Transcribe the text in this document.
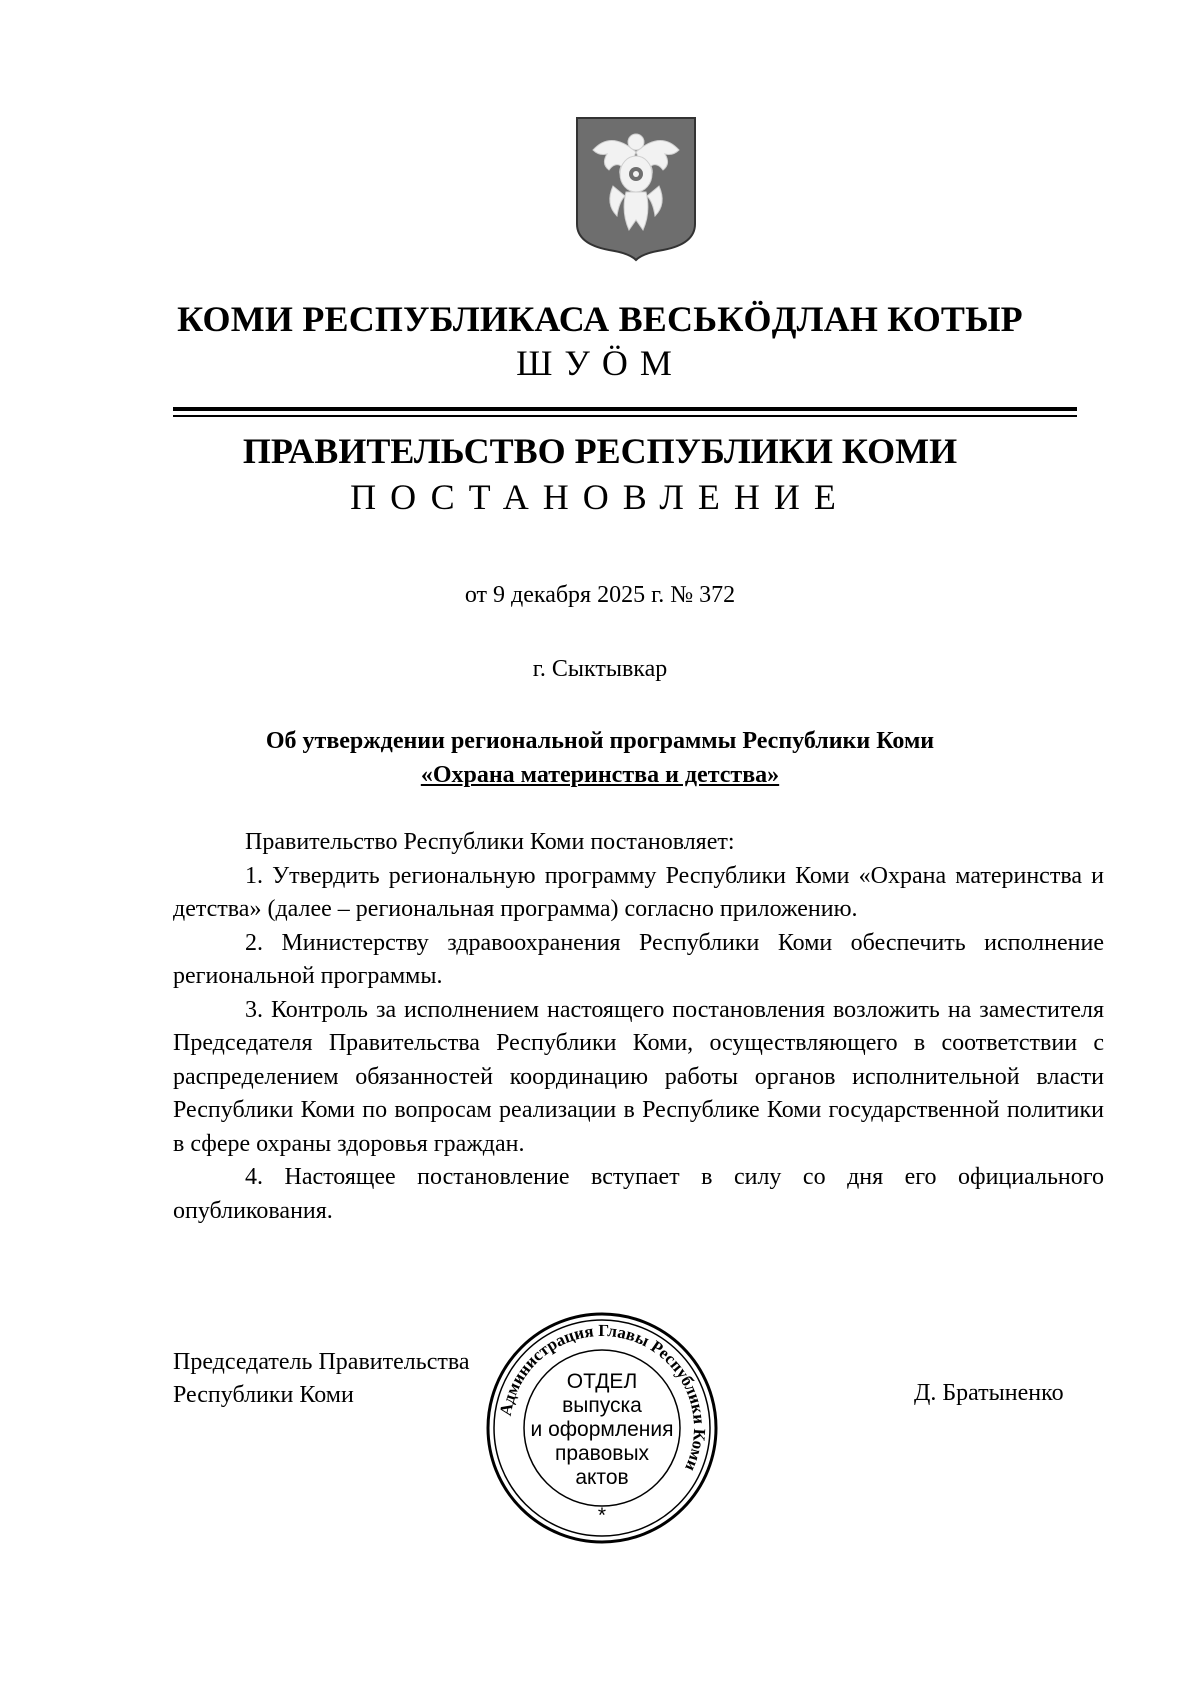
КОМИ РЕСПУБЛИКАСА ВЕСЬКӦДЛАН КОТЫР
ШУӦМ
ПРАВИТЕЛЬСТВО РЕСПУБЛИКИ КОМИ
ПОСТАНОВЛЕНИЕ
от 9 декабря 2025 г. № 372
г. Сыктывкар
Об утверждении региональной программы Республики Коми
«Охрана материнства и детства»

Правительство Республики Коми постановляет:

1. Утвердить региональную программу Республики Коми «Охрана материнства и детства» (далее – региональная программа) согласно приложению.

2. Министерству здравоохранения Республики Коми обеспечить исполнение региональной программы.

3. Контроль за исполнением настоящего постановления возложить на заместителя Председателя Правительства Республики Коми, осуществляющего в соответствии с распределением обязанностей координацию работы органов исполнительной власти Республики Коми по вопросам реализации в Республике Коми государственной политики в сфере охраны здоровья граждан.

4. Настоящее постановление вступает в силу со дня его официального опубликования.

Председатель Правительства
Республики Коми	Д. Братыненко
Администрация Главы Республики Коми
ОТДЕЛ
выпуска
и оформления
правовых
актов
*
